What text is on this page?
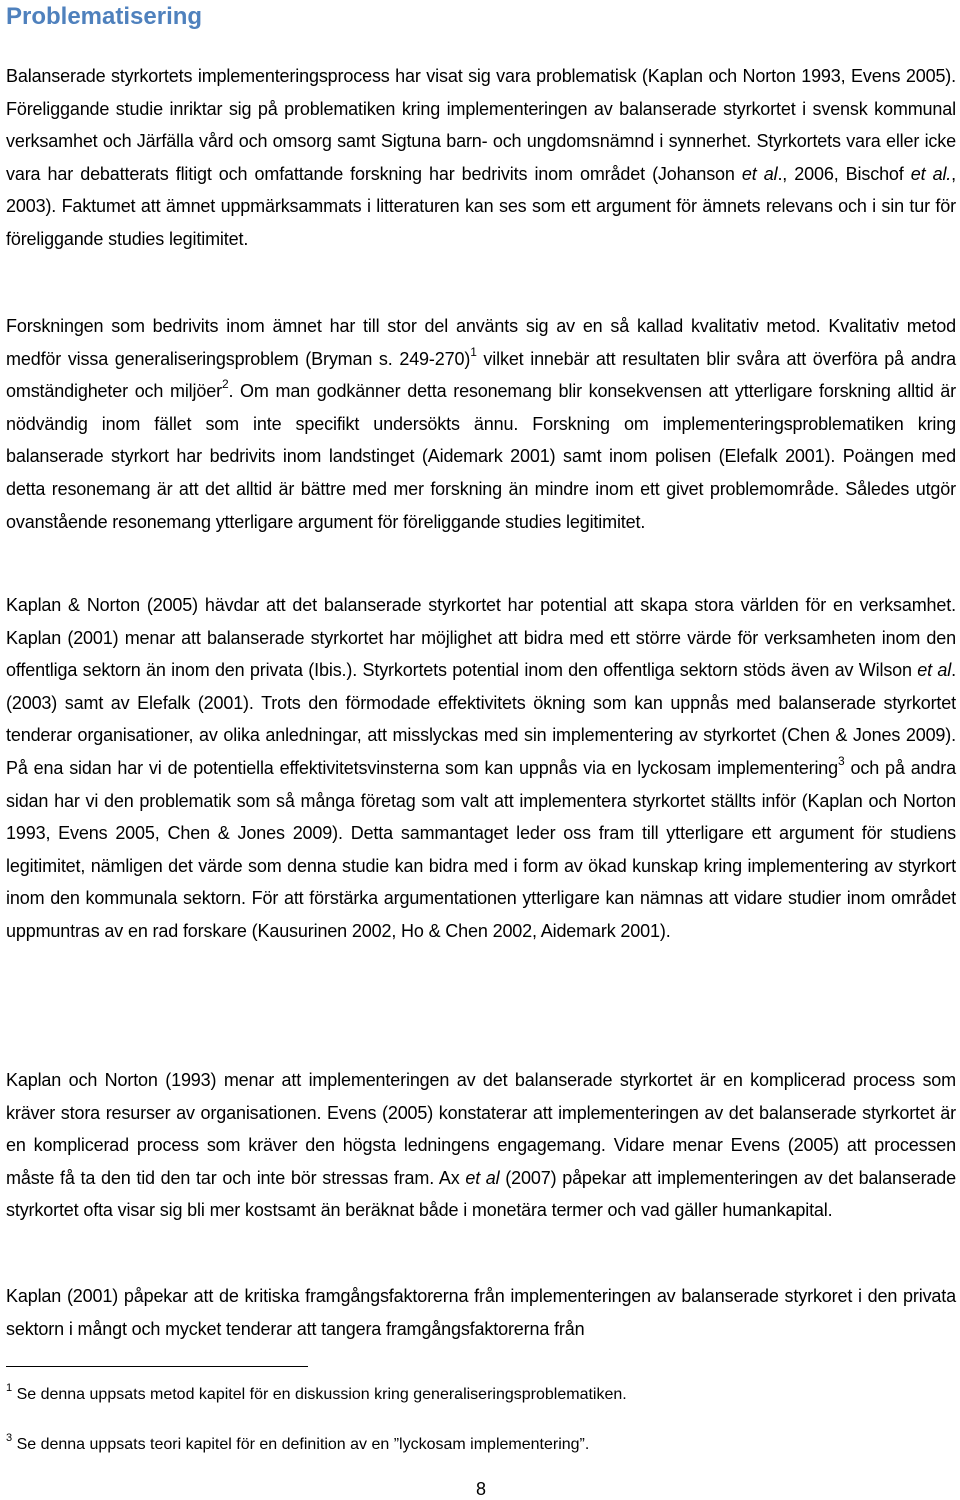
Problematisering

Balanserade styrkortets implementeringsprocess har visat sig vara problematisk (Kaplan och Norton 1993, Evens 2005). Föreliggande studie inriktar sig på problematiken kring implementeringen av balanserade styrkortet i svensk kommunal verksamhet och Järfälla vård och omsorg samt Sigtuna barn- och ungdomsnämnd i synnerhet. Styrkortets vara eller icke vara har debatterats flitigt och omfattande forskning har bedrivits inom området (Johanson et al., 2006, Bischof et al., 2003). Faktumet att ämnet uppmärksammats i litteraturen kan ses som ett argument för ämnets relevans och i sin tur för föreliggande studies legitimitet.

Forskningen som bedrivits inom ämnet har till stor del använts sig av en så kallad kvalitativ metod. Kvalitativ metod medför vissa generaliseringsproblem (Bryman s. 249-270)$^1$ vilket innebär att resultaten blir svåra att överföra på andra omständigheter och miljöer$^2$. Om man godkänner detta resonemang blir konsekvensen att ytterligare forskning alltid är nödvändig inom fället som inte specifikt undersökts ännu. Forskning om implementeringsproblematiken kring balanserade styrkort har bedrivits inom landstinget (Aidemark 2001) samt inom polisen (Elefalk 2001). Poängen med detta resonemang är att det alltid är bättre med mer forskning än mindre inom ett givet problemområde. Således utgör ovanstående resonemang ytterligare argument för föreliggande studies legitimitet.

Kaplan & Norton (2005) hävdar att det balanserade styrkortet har potential att skapa stora världen för en verksamhet. Kaplan (2001) menar att balanserade styrkortet har möjlighet att bidra med ett större värde för verksamheten inom den offentliga sektorn än inom den privata (Ibis.). Styrkortets potential inom den offentliga sektorn stöds även av Wilson et al. (2003) samt av Elefalk (2001). Trots den förmodade effektivitets ökning som kan uppnås med balanserade styrkortet tenderar organisationer, av olika anledningar, att misslyckas med sin implementering av styrkortet (Chen & Jones 2009). På ena sidan har vi de potentiella effektivitetsvinsterna som kan uppnås via en lyckosam implementering$^3$ och på andra sidan har vi den problematik som så många företag som valt att implementera styrkortet ställts inför (Kaplan och Norton 1993, Evens 2005, Chen & Jones 2009). Detta sammantaget leder oss fram till ytterligare ett argument för studiens legitimitet, nämligen det värde som denna studie kan bidra med i form av ökad kunskap kring implementering av styrkort inom den kommunala sektorn. För att förstärka argumentationen ytterligare kan nämnas att vidare studier inom området uppmuntras av en rad forskare (Kausurinen 2002, Ho & Chen 2002, Aidemark 2001).

Kaplan och Norton (1993) menar att implementeringen av det balanserade styrkortet är en komplicerad process som kräver stora resurser av organisationen. Evens (2005) konstaterar att implementeringen av det balanserade styrkortet är en komplicerad process som kräver den högsta ledningens engagemang. Vidare menar Evens (2005) att processen måste få ta den tid den tar och inte bör stressas fram. Ax et al (2007) påpekar att implementeringen av det balanserade styrkortet ofta visar sig bli mer kostsamt än beräknat både i monetära termer och vad gäller humankapital.

Kaplan (2001) påpekar att de kritiska framgångsfaktorerna från implementeringen av balanserade styrkoret i den privata sektorn i mångt och mycket tenderar att tangera framgångsfaktorerna från

$^1$ Se denna uppsats metod kapitel för en diskussion kring generaliseringsproblematiken.

$^3$ Se denna uppsats teori kapitel för en definition av en ”lyckosam implementering”.

8
